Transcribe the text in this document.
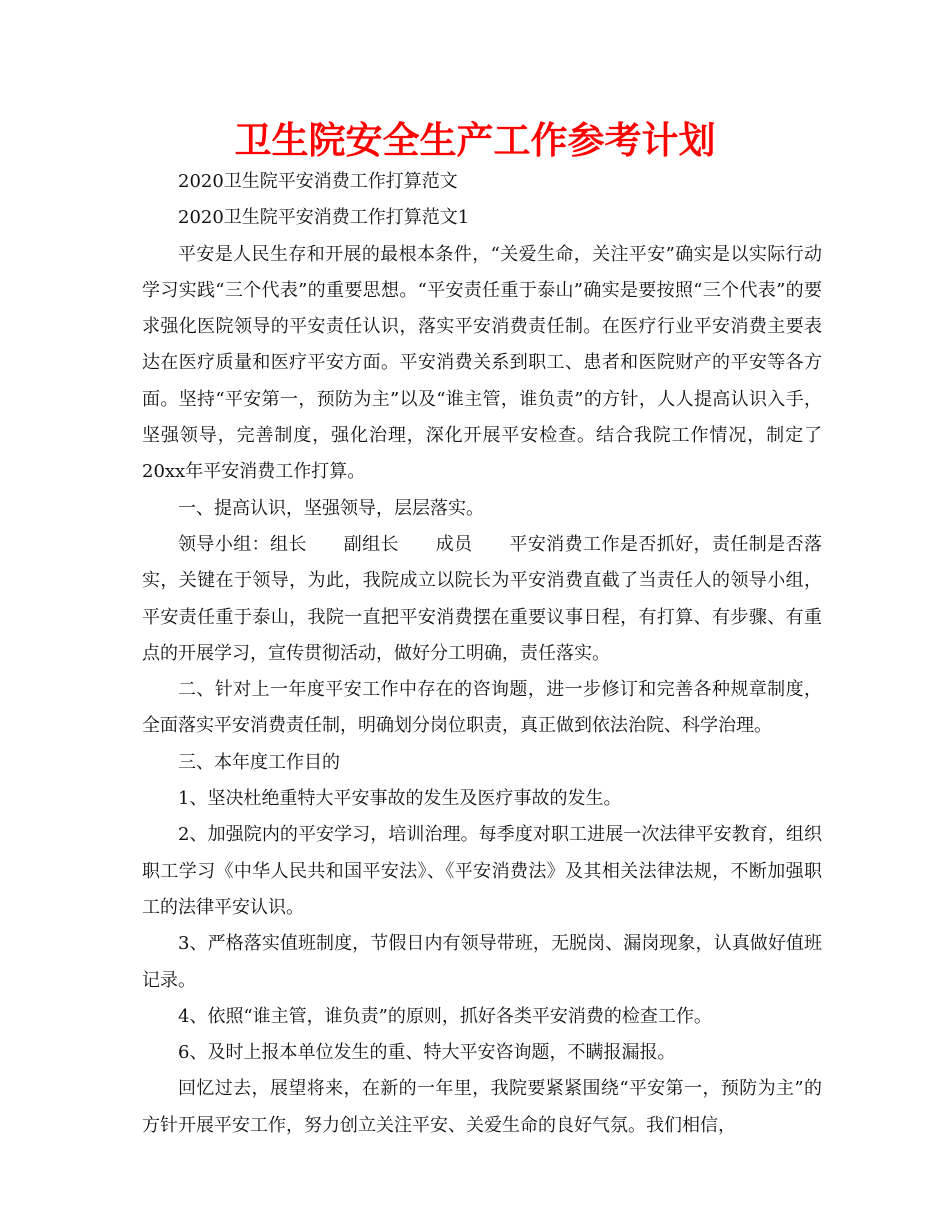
卫生院安全生产工作参考计划

2020卫生院平安消费工作打算范文

2020卫生院平安消费工作打算范文1

平安是人民生存和开展的最根本条件，“关爱生命，关注平安”确实是以实际行动学习实践“三个代表”的重要思想。“平安责任重于泰山”确实是要按照“三个代表”的要求强化医院领导的平安责任认识，落实平安消费责任制。在医疗行业平安消费主要表达在医疗质量和医疗平安方面。平安消费关系到职工、患者和医院财产的平安等各方面。坚持“平安第一，预防为主”以及“谁主管，谁负责”的方针，人人提高认识入手，坚强领导，完善制度，强化治理，深化开展平安检查。结合我院工作情况，制定了20xx年平安消费工作打算。

一、提高认识，坚强领导，层层落实。

领导小组：组长　　副组长　　成员　　平安消费工作是否抓好，责任制是否落实，关键在于领导，为此，我院成立以院长为平安消费直截了当责任人的领导小组，平安责任重于泰山，我院一直把平安消费摆在重要议事日程，有打算、有步骤、有重点的开展学习，宣传贯彻活动，做好分工明确，责任落实。

二、针对上一年度平安工作中存在的咨询题，进一步修订和完善各种规章制度，全面落实平安消费责任制，明确划分岗位职责，真正做到依法治院、科学治理。

三、本年度工作目的

1、坚决杜绝重特大平安事故的发生及医疗事故的发生。

2、加强院内的平安学习，培训治理。每季度对职工进展一次法律平安教育，组织职工学习《中华人民共和国平安法》、《平安消费法》及其相关法律法规，不断加强职工的法律平安认识。

3、严格落实值班制度，节假日内有领导带班，无脱岗、漏岗现象，认真做好值班记录。

4、依照“谁主管，谁负责”的原则，抓好各类平安消费的检查工作。

6、及时上报本单位发生的重、特大平安咨询题，不瞒报漏报。

回忆过去，展望将来，在新的一年里，我院要紧紧围绕“平安第一，预防为主”的方针开展平安工作，努力创立关注平安、关爱生命的良好气氛。我们相信，
